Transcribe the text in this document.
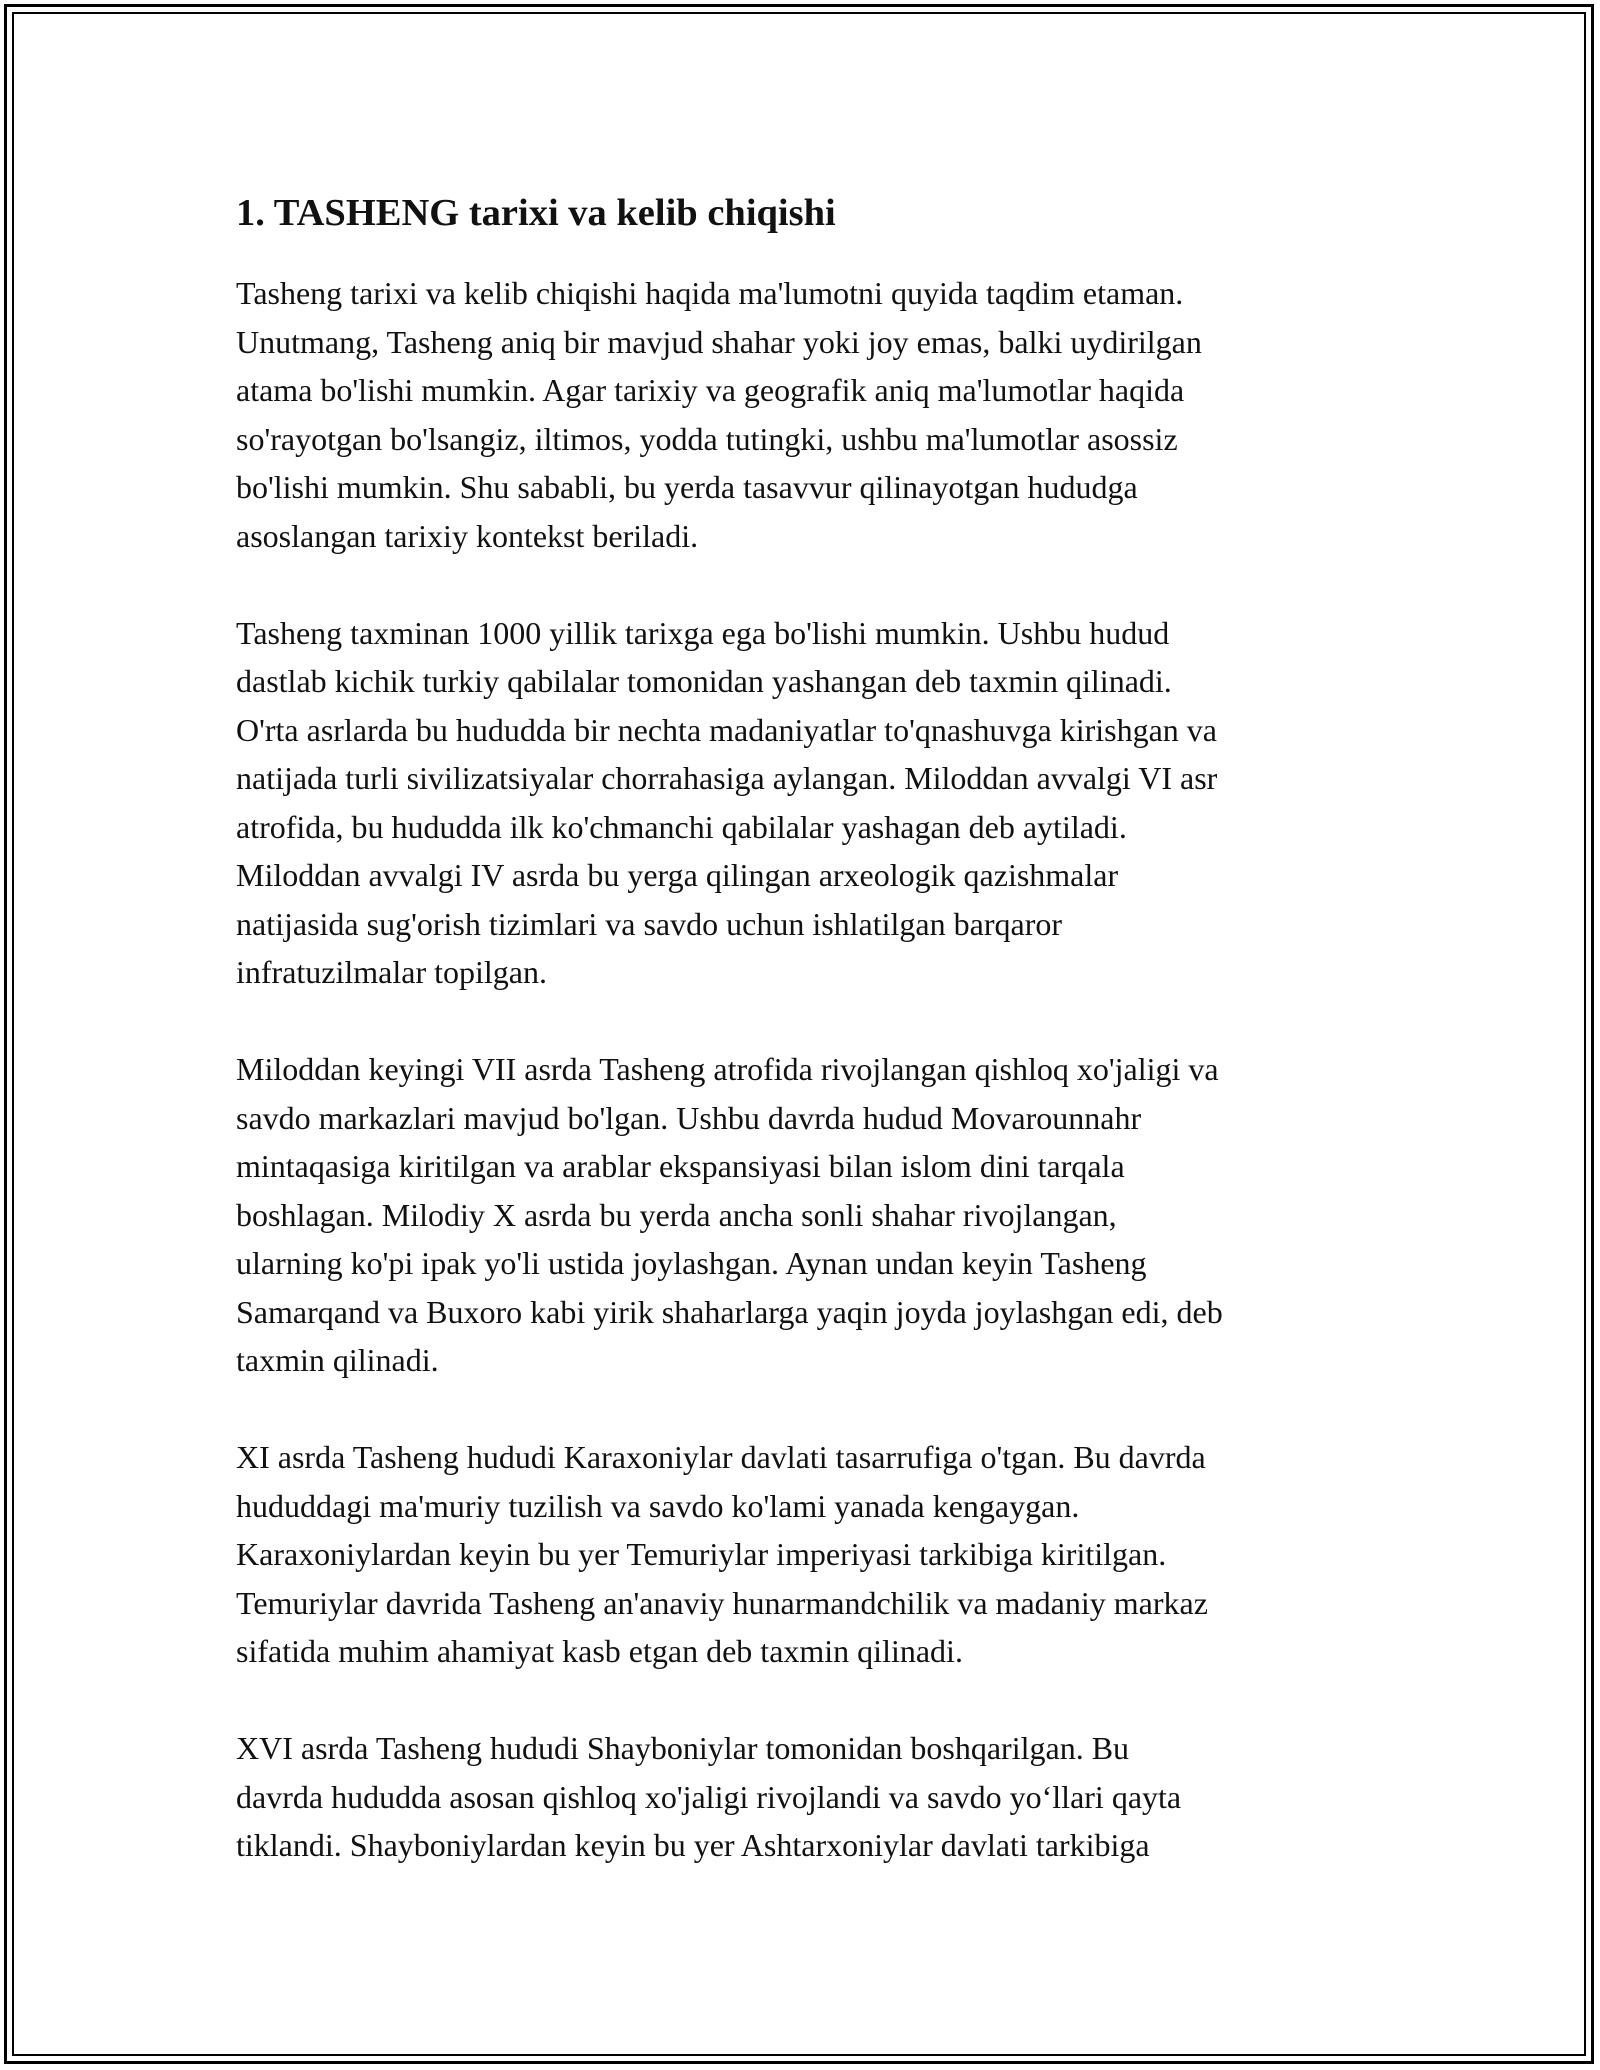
1. TASHENG tarixi va kelib chiqishi

Tasheng tarixi va kelib chiqishi haqida ma'lumotni quyida taqdim etaman.
Unutmang, Tasheng aniq bir mavjud shahar yoki joy emas, balki uydirilgan
atama bo'lishi mumkin. Agar tarixiy va geografik aniq ma'lumotlar haqida
so'rayotgan bo'lsangiz, iltimos, yodda tutingki, ushbu ma'lumotlar asossiz
bo'lishi mumkin. Shu sababli, bu yerda tasavvur qilinayotgan hududga
asoslangan tarixiy kontekst beriladi.

Tasheng taxminan 1000 yillik tarixga ega bo'lishi mumkin. Ushbu hudud
dastlab kichik turkiy qabilalar tomonidan yashangan deb taxmin qilinadi.
O'rta asrlarda bu hududda bir nechta madaniyatlar to'qnashuvga kirishgan va
natijada turli sivilizatsiyalar chorrahasiga aylangan. Miloddan avvalgi VI asr
atrofida, bu hududda ilk ko'chmanchi qabilalar yashagan deb aytiladi.
Miloddan avvalgi IV asrda bu yerga qilingan arxeologik qazishmalar
natijasida sug'orish tizimlari va savdo uchun ishlatilgan barqaror
infratuzilmalar topilgan.

Miloddan keyingi VII asrda Tasheng atrofida rivojlangan qishloq xo'jaligi va
savdo markazlari mavjud bo'lgan. Ushbu davrda hudud Movarounnahr
mintaqasiga kiritilgan va arablar ekspansiyasi bilan islom dini tarqala
boshlagan. Milodiy X asrda bu yerda ancha sonli shahar rivojlangan,
ularning ko'pi ipak yo'li ustida joylashgan. Aynan undan keyin Tasheng
Samarqand va Buxoro kabi yirik shaharlarga yaqin joyda joylashgan edi, deb
taxmin qilinadi.

XI asrda Tasheng hududi Karaxoniylar davlati tasarrufiga o'tgan. Bu davrda
hududdagi ma'muriy tuzilish va savdo ko'lami yanada kengaygan.
Karaxoniylardan keyin bu yer Temuriylar imperiyasi tarkibiga kiritilgan.
Temuriylar davrida Tasheng an'anaviy hunarmandchilik va madaniy markaz
sifatida muhim ahamiyat kasb etgan deb taxmin qilinadi.

XVI asrda Tasheng hududi Shayboniylar tomonidan boshqarilgan. Bu
davrda hududda asosan qishloq xo'jaligi rivojlandi va savdo yo‘llari qayta
tiklandi. Shayboniylardan keyin bu yer Ashtarxoniylar davlati tarkibiga
